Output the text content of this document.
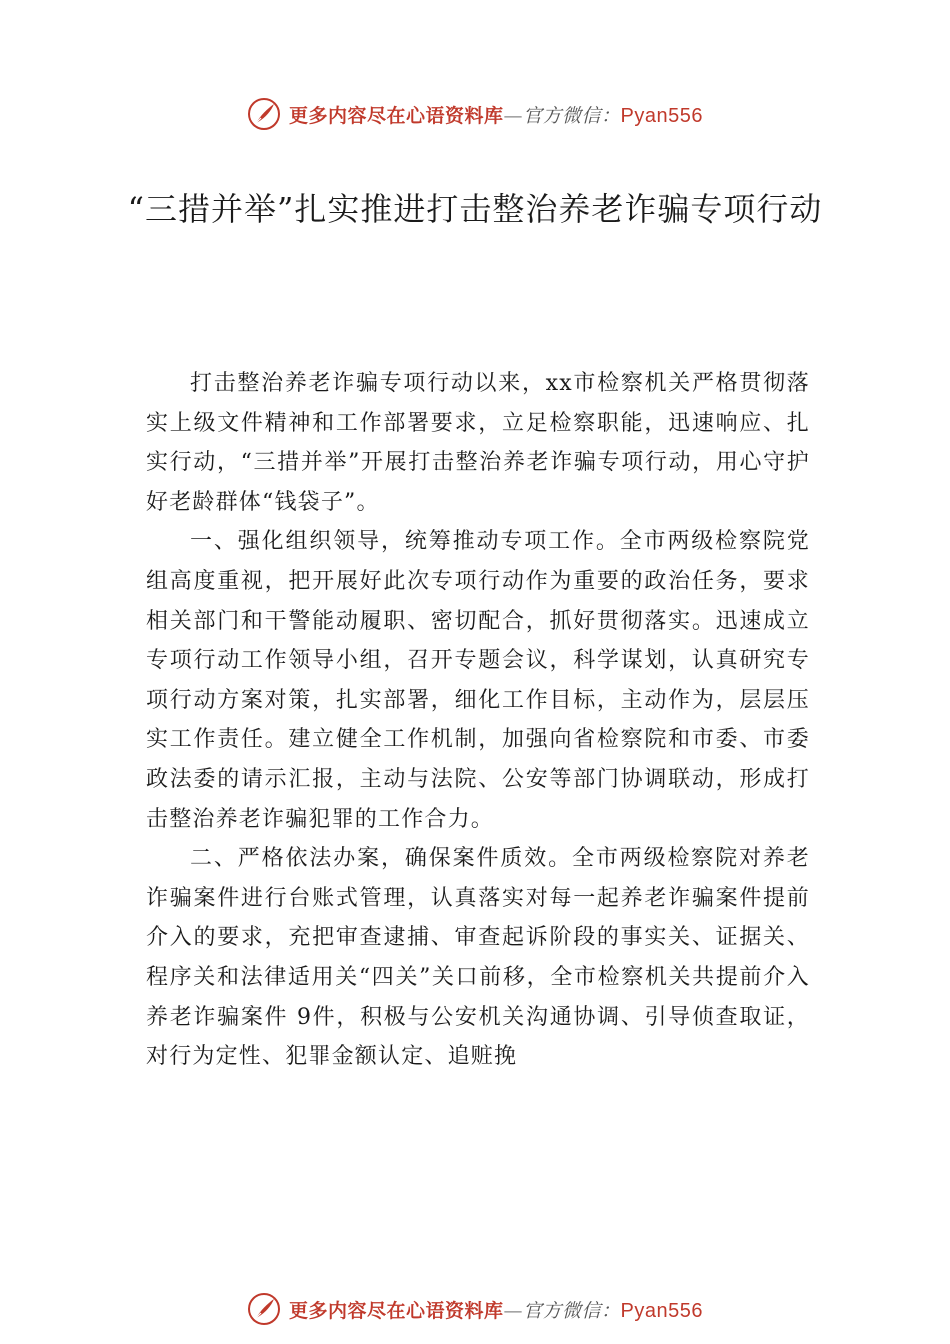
更多内容尽在心语资料库—官方微信：Pyan556
“三措并举”扎实推进打击整治养老诈骗专项行动

打击整治养老诈骗专项行动以来，xx市检察机关严格贯彻落实上级文件精神和工作部署要求，立足检察职能，迅速响应、扎实行动，“三措并举”开展打击整治养老诈骗专项行动，用心守护好老龄群体“钱袋子”。

一、强化组织领导，统筹推动专项工作。全市两级检察院党组高度重视，把开展好此次专项行动作为重要的政治任务，要求相关部门和干警能动履职、密切配合，抓好贯彻落实。迅速成立专项行动工作领导小组，召开专题会议，科学谋划，认真研究专项行动方案对策，扎实部署，细化工作目标，主动作为，层层压实工作责任。建立健全工作机制，加强向省检察院和市委、市委政法委的请示汇报，主动与法院、公安等部门协调联动，形成打击整治养老诈骗犯罪的工作合力。

二、严格依法办案，确保案件质效。全市两级检察院对养老诈骗案件进行台账式管理，认真落实对每一起养老诈骗案件提前介入的要求，充把审查逮捕、审查起诉阶段的事实关、证据关、程序关和法律适用关“四关”关口前移，全市检察机关共提前介入养老诈骗案件 9件，积极与公安机关沟通协调、引导侦查取证，对行为定性、犯罪金额认定、追赃挽

更多内容尽在心语资料库—官方微信：Pyan556
